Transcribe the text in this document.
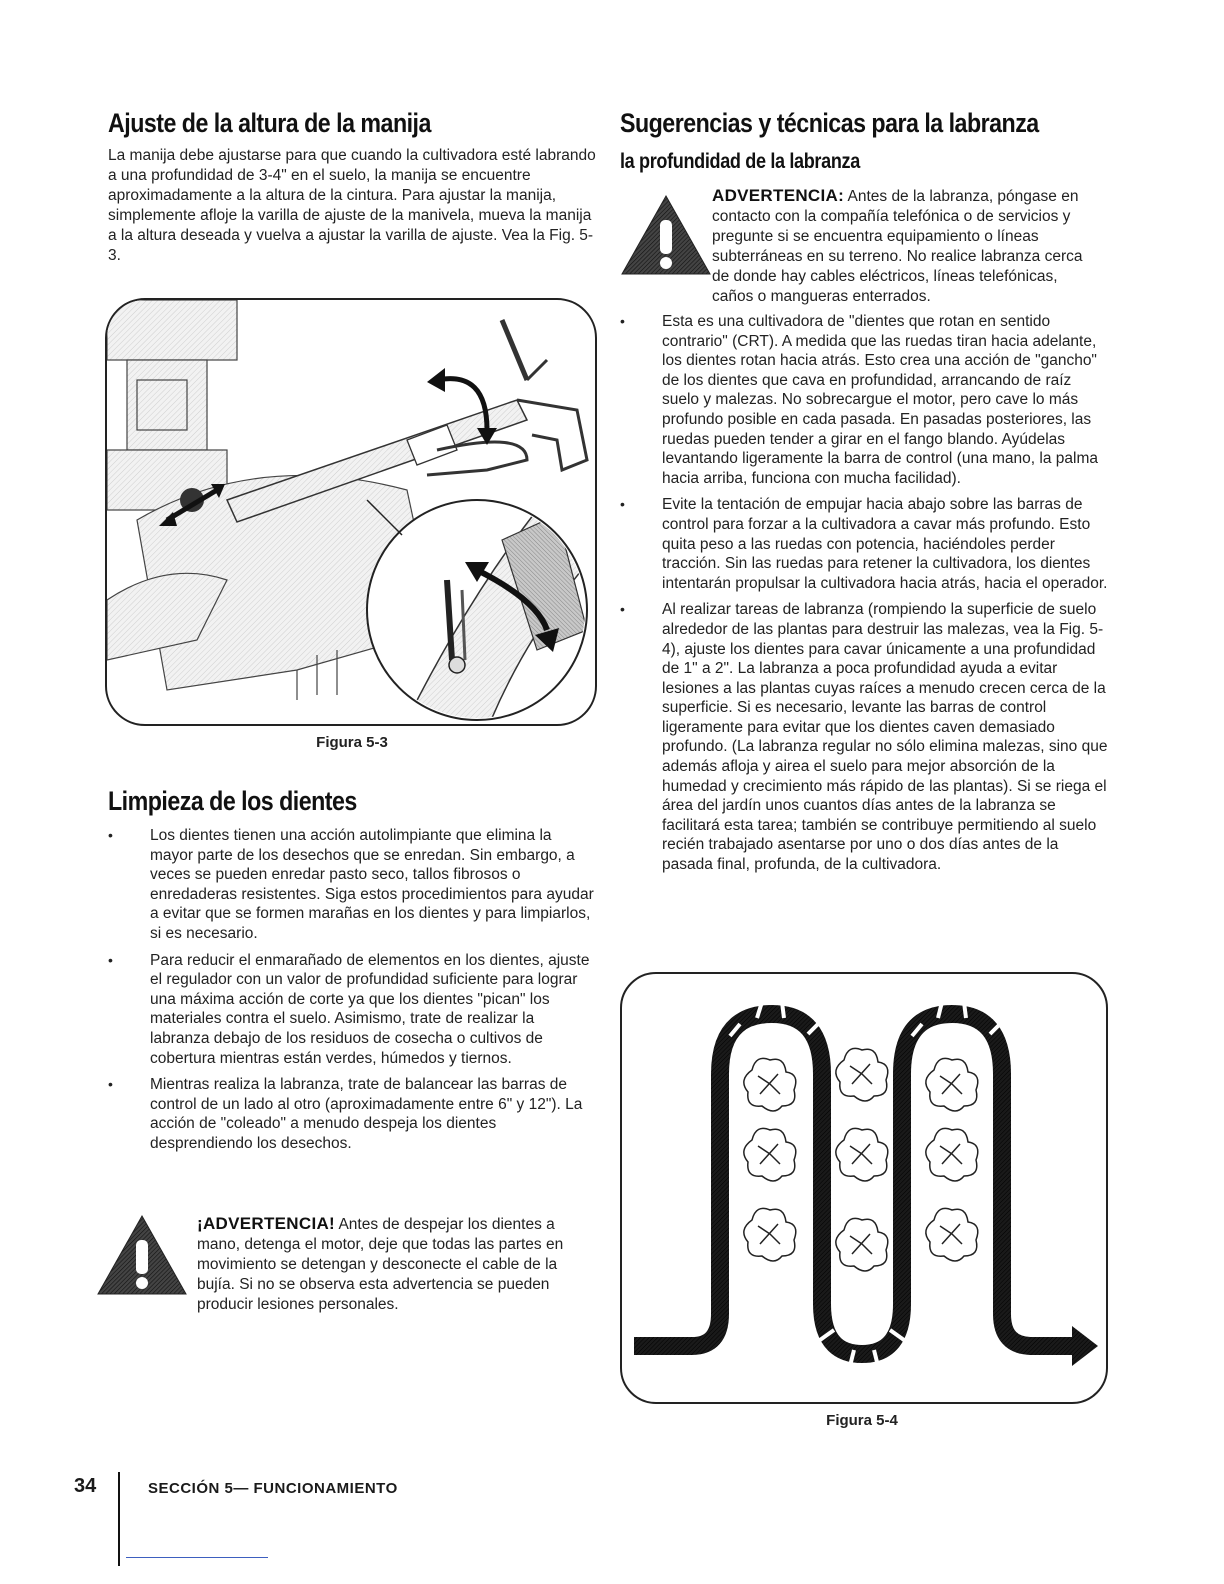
Ajuste de la altura de la manija

La manija debe ajustarse para que cuando la cultivadora esté labrando a una profundidad de 3-4" en el suelo, la manija se encuentre aproximadamente a la altura de la cintura. Para ajustar la manija, simplemente afloje la varilla de ajuste de la manivela, mueva la manija a la altura deseada y vuelva a ajustar la varilla de ajuste. Vea la Fig. 5-3.

Figura 5-3
Limpieza de los dientes
• Los dientes tienen una acción autolimpiante que elimina la mayor parte de los desechos que se enredan. Sin embargo, a veces se pueden enredar pasto seco, tallos fibrosos o enredaderas resistentes. Siga estos procedimientos para ayudar a evitar que se formen marañas en los dientes y para limpiarlos, si es necesario.
• Para reducir el enmarañado de elementos en los dientes, ajuste el regulador con un valor de profundidad suficiente para lograr una máxima acción de corte ya que los dientes "pican" los materiales contra el suelo. Asimismo, trate de realizar la labranza debajo de los residuos de cosecha o cultivos de cobertura mientras están verdes, húmedos y tiernos.
• Mientras realiza la labranza, trate de balancear las barras de control de un lado al otro (aproximadamente entre 6" y 12"). La acción de "coleado" a menudo despeja los dientes desprendiendo los desechos.
¡ADVERTENCIA! Antes de despejar los dientes a mano, detenga el motor, deje que todas las partes en movimiento se detengan y desconecte el cable de la bujía. Si no se observa esta advertencia se pueden producir lesiones personales.
Sugerencias y técnicas para la labranza
la profundidad de la labranza
ADVERTENCIA: Antes de la labranza, póngase en contacto con la compañía telefónica o de servicios y pregunte si se encuentra equipamiento o líneas subterráneas en su terreno. No realice labranza cerca de donde hay cables eléctricos, líneas telefónicas, caños o mangueras enterrados.
• Esta es una cultivadora de "dientes que rotan en sentido contrario" (CRT). A medida que las ruedas tiran hacia adelante, los dientes rotan hacia atrás. Esto crea una acción de "gancho" de los dientes que cava en profundidad, arrancando de raíz suelo y malezas. No sobrecargue el motor, pero cave lo más profundo posible en cada pasada. En pasadas posteriores, las ruedas pueden tender a girar en el fango blando. Ayúdelas levantando ligeramente la barra de control (una mano, la palma hacia arriba, funciona con mucha facilidad).
• Evite la tentación de empujar hacia abajo sobre las barras de control para forzar a la cultivadora a cavar más profundo. Esto quita peso a las ruedas con potencia, haciéndoles perder tracción. Sin las ruedas para retener la cultivadora, los dientes intentarán propulsar la cultivadora hacia atrás, hacia el operador.
• Al realizar tareas de labranza (rompiendo la superficie de suelo alrededor de las plantas para destruir las malezas, vea la Fig. 5-4), ajuste los dientes para cavar únicamente a una profundidad de 1" a 2". La labranza a poca profundidad ayuda a evitar lesiones a las plantas cuyas raíces a menudo crecen cerca de la superficie. Si es necesario, levante las barras de control ligeramente para evitar que los dientes caven demasiado profundo. (La labranza regular no sólo elimina malezas, sino que además afloja y airea el suelo para mejor absorción de la humedad y crecimiento más rápido de las plantas). Si se riega el área del jardín unos cuantos días antes de la labranza se facilitará esta tarea; también se contribuye permitiendo al suelo recién trabajado asentarse por uno o dos días antes de la pasada final, profunda, de la cultivadora.
Figura 5-4
34	SECCIÓN 5— FUNCIONAMIENTO
